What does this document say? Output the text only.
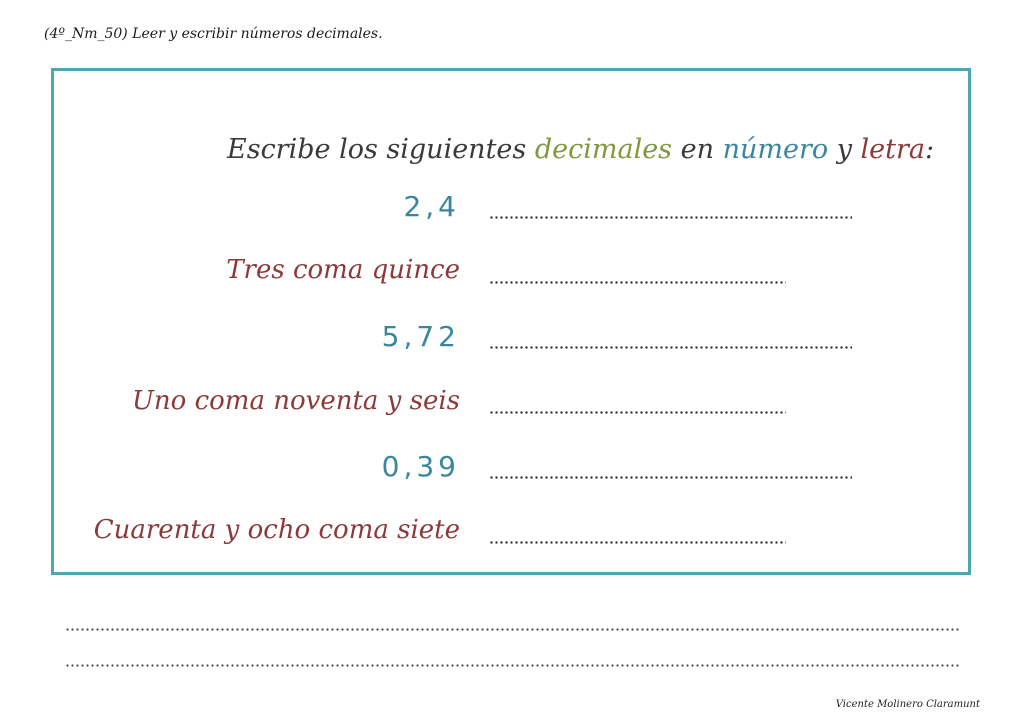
(4º_Nm_50) Leer y escribir números decimales.
Escribe los siguientes decimales en número y letra:
2,4
Tres coma quince
5,72
Uno coma noventa y seis
0,39
Cuarenta y ocho coma siete
Vicente Molinero Claramunt
